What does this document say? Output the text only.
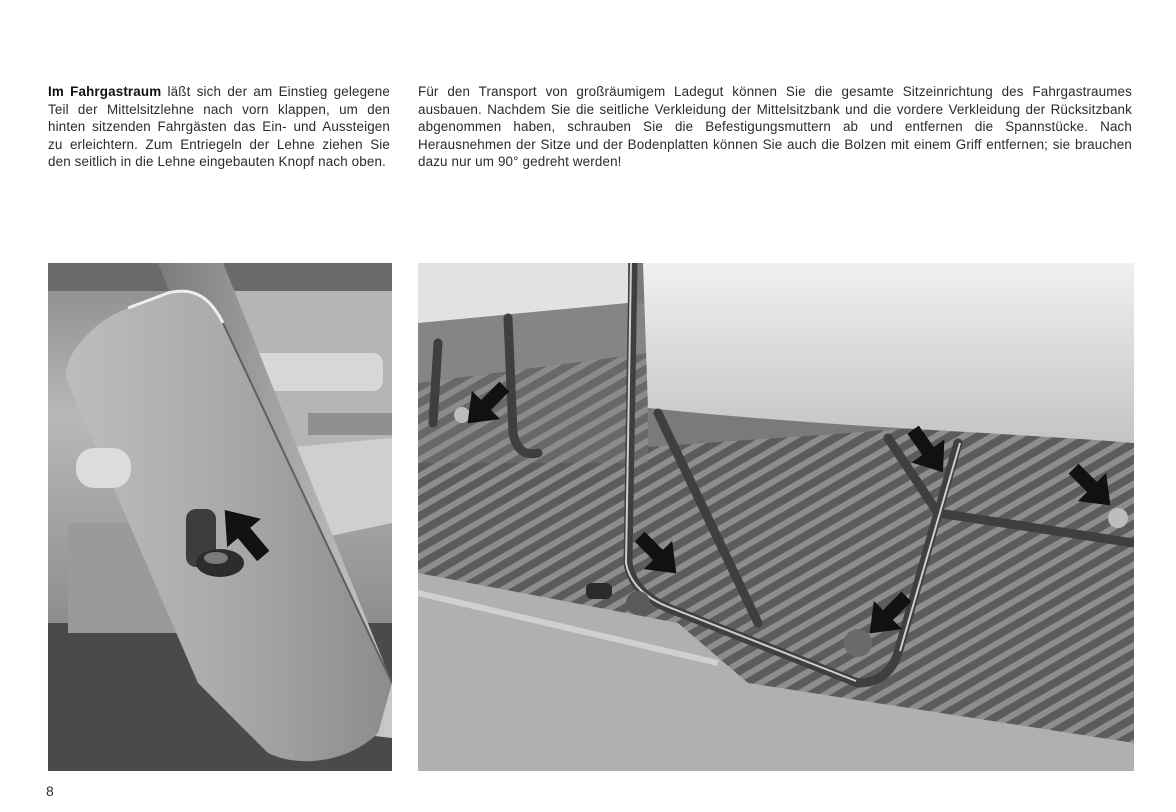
Im Fahrgastraum läßt sich der am Einstieg gelegene Teil der Mittelsitzlehne nach vorn klappen, um den hinten sitzenden Fahrgästen das Ein- und Aussteigen zu erleichtern. Zum Entriegeln der Lehne ziehen Sie den seitlich in die Lehne eingebauten Knopf nach oben.
Für den Transport von großräumigem Ladegut können Sie die gesamte Sitzeinrichtung des Fahrgastraumes ausbauen. Nachdem Sie die seitliche Verkleidung der Mittelsitzbank und die vordere Verkleidung der Rücksitzbank abgenommen haben, schrauben Sie die Befestigungsmuttern ab und entfernen die Spannstücke. Nach Herausnehmen der Sitze und der Bodenplatten können Sie auch die Bolzen mit einem Griff entfernen; sie brauchen dazu nur um 90° gedreht werden!
8
